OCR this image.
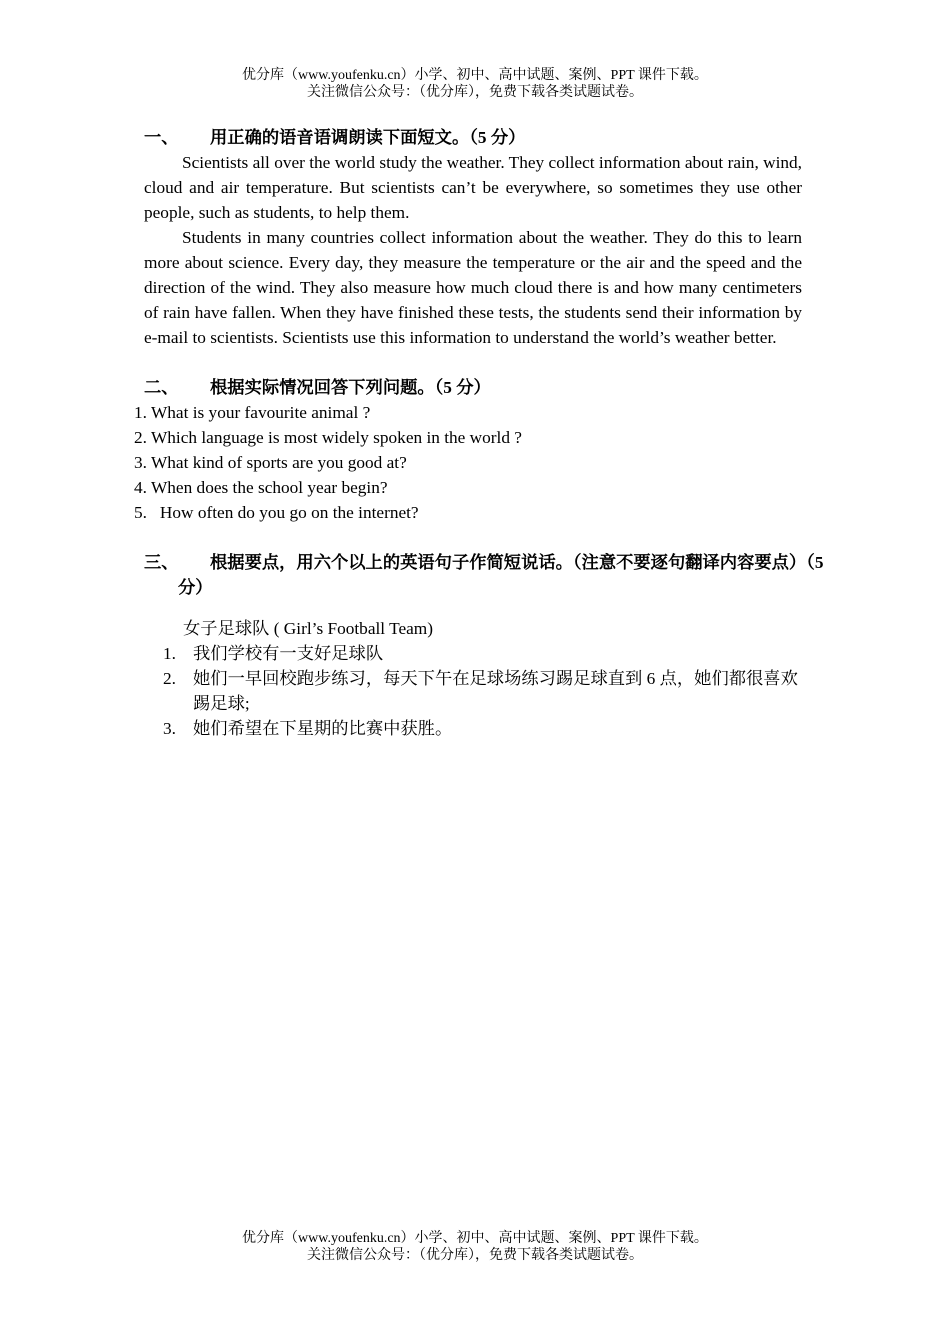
优分库（www.youfenku.cn）小学、初中、高中试题、案例、PPT 课件下载。
关注微信公众号：（优分库），免费下载各类试题试卷。
一、 用正确的语音语调朗读下面短文。（5 分）

Scientists all over the world study the weather. They collect information about rain, wind, cloud and air temperature. But scientists can’t be everywhere, so sometimes they use other people, such as students, to help them.

Students in many countries collect information about the weather. They do this to learn more about science. Every day, they measure the temperature or the air and the speed and the direction of the wind. They also measure how much cloud there is and how many centimeters of rain have fallen. When they have finished these tests, the students send their information by e-mail to scientists. Scientists use this information to understand the world’s weather better.

二、 根据实际情况回答下列问题。（5 分）
1. What is your favourite animal ?
2. Which language is most widely spoken in the world ?
3. What kind of sports are you good at?
4. When does the school year begin?
5.   How often do you go on the internet?
三、 根据要点，用六个以上的英语句子作简短说话。（注意不要逐句翻译内容要点）（5 分）
女子足球队 ( Girl’s Football Team)
1. 我们学校有一支好足球队
2. 她们一早回校跑步练习，每天下午在足球场练习踢足球直到 6 点，她们都很喜欢踢足球;
3. 她们希望在下星期的比赛中获胜。
优分库（www.youfenku.cn）小学、初中、高中试题、案例、PPT 课件下载。
关注微信公众号：（优分库），免费下载各类试题试卷。
